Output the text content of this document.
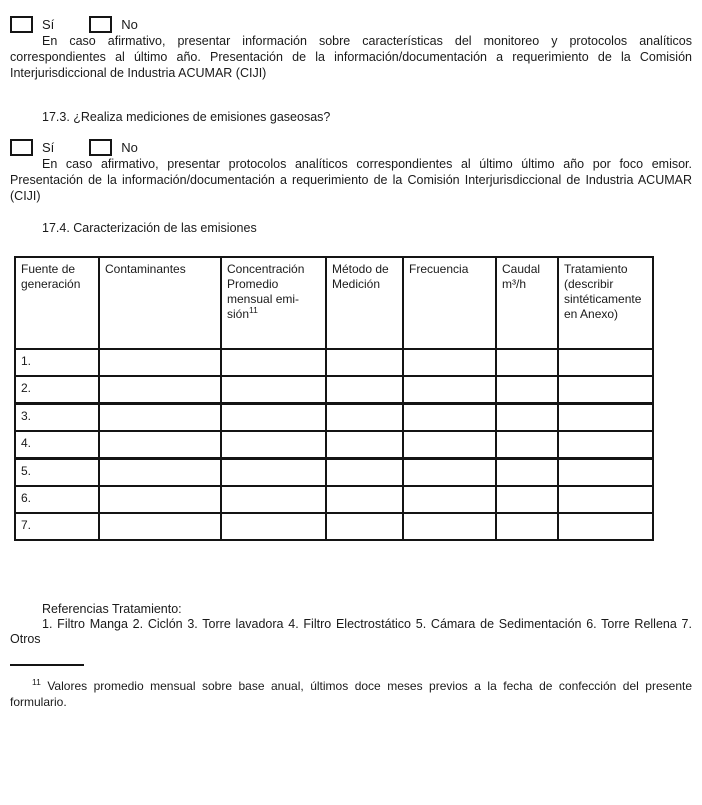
Sí	No

En caso afirmativo, presentar información sobre características del monitoreo y protocolos analíticos correspondientes al último año. Presentación de la información/documentación a requerimiento de la Comisión Interjurisdiccional de Industria ACUMAR (CIJI)

17.3. ¿Realiza mediciones de emisiones gaseosas?
Sí	No

En caso afirmativo, presentar protocolos analíticos correspondientes al último último año por foco emisor. Presentación de la información/documentación a requerimiento de la Comisión Interjurisdiccional de Industria ACUMAR (CIJI)

17.4. Caracterización de las emisiones
Fuente de generación	Contaminantes	Concentración Promedio mensual emisión$^{11}$	Método de Medición	Frecuencia	Caudal m³/h	Tratamiento (describir sintéticamente en Anexo)
1.						
2.						
3.						
4.						
5.						
6.						
7.						

Referencias Tratamiento:

1. Filtro Manga 2. Ciclón 3. Torre lavadora 4. Filtro Electrostático 5. Cámara de Sedimentación 6. Torre Rellena 7. Otros

$^{11}$ Valores promedio mensual sobre base anual, últimos doce meses previos a la fecha de confección del presente formulario.
